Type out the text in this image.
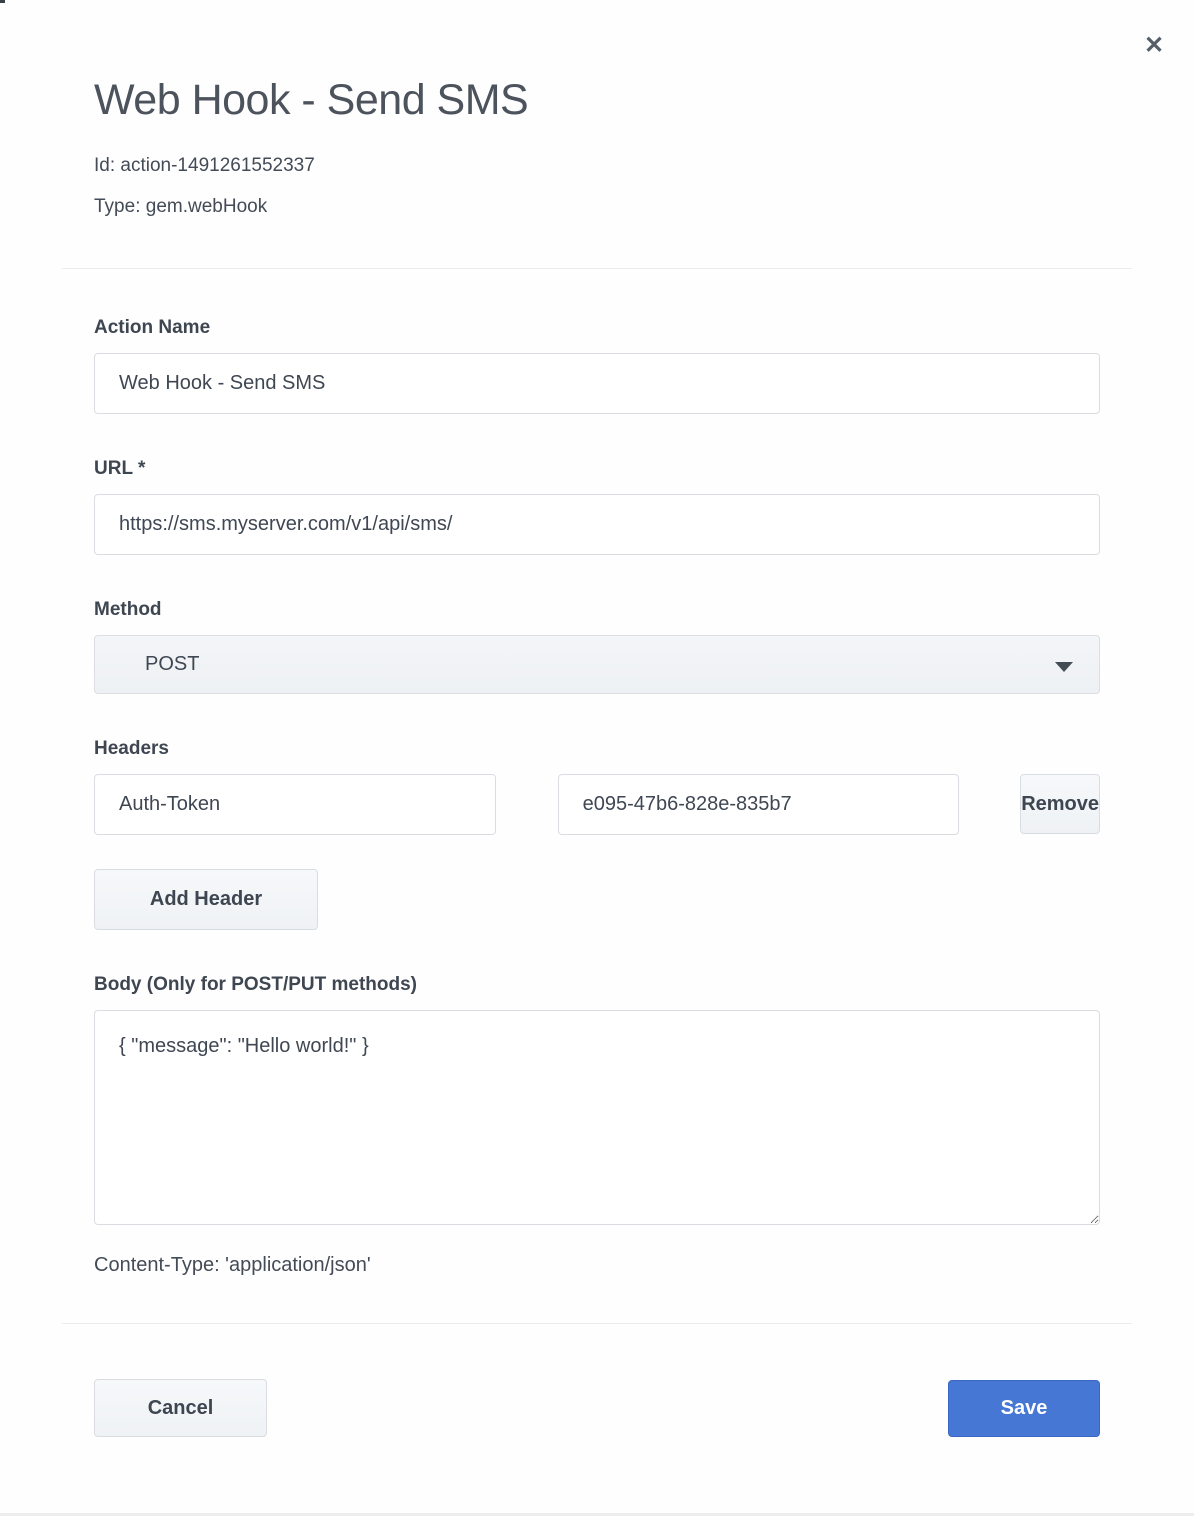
✕
Web Hook - Send SMS
Id: action-1491261552337
Type: gem.webHook
Action Name
Web Hook - Send SMS
URL *
https://sms.myserver.com/v1/api/sms/
Method
POST
Headers
Auth-Token
e095-47b6-828e-835b7
Remove
Add Header
Body (Only for POST/PUT methods)
{ "message": "Hello world!" }
Content-Type: 'application/json'
Cancel	Save
